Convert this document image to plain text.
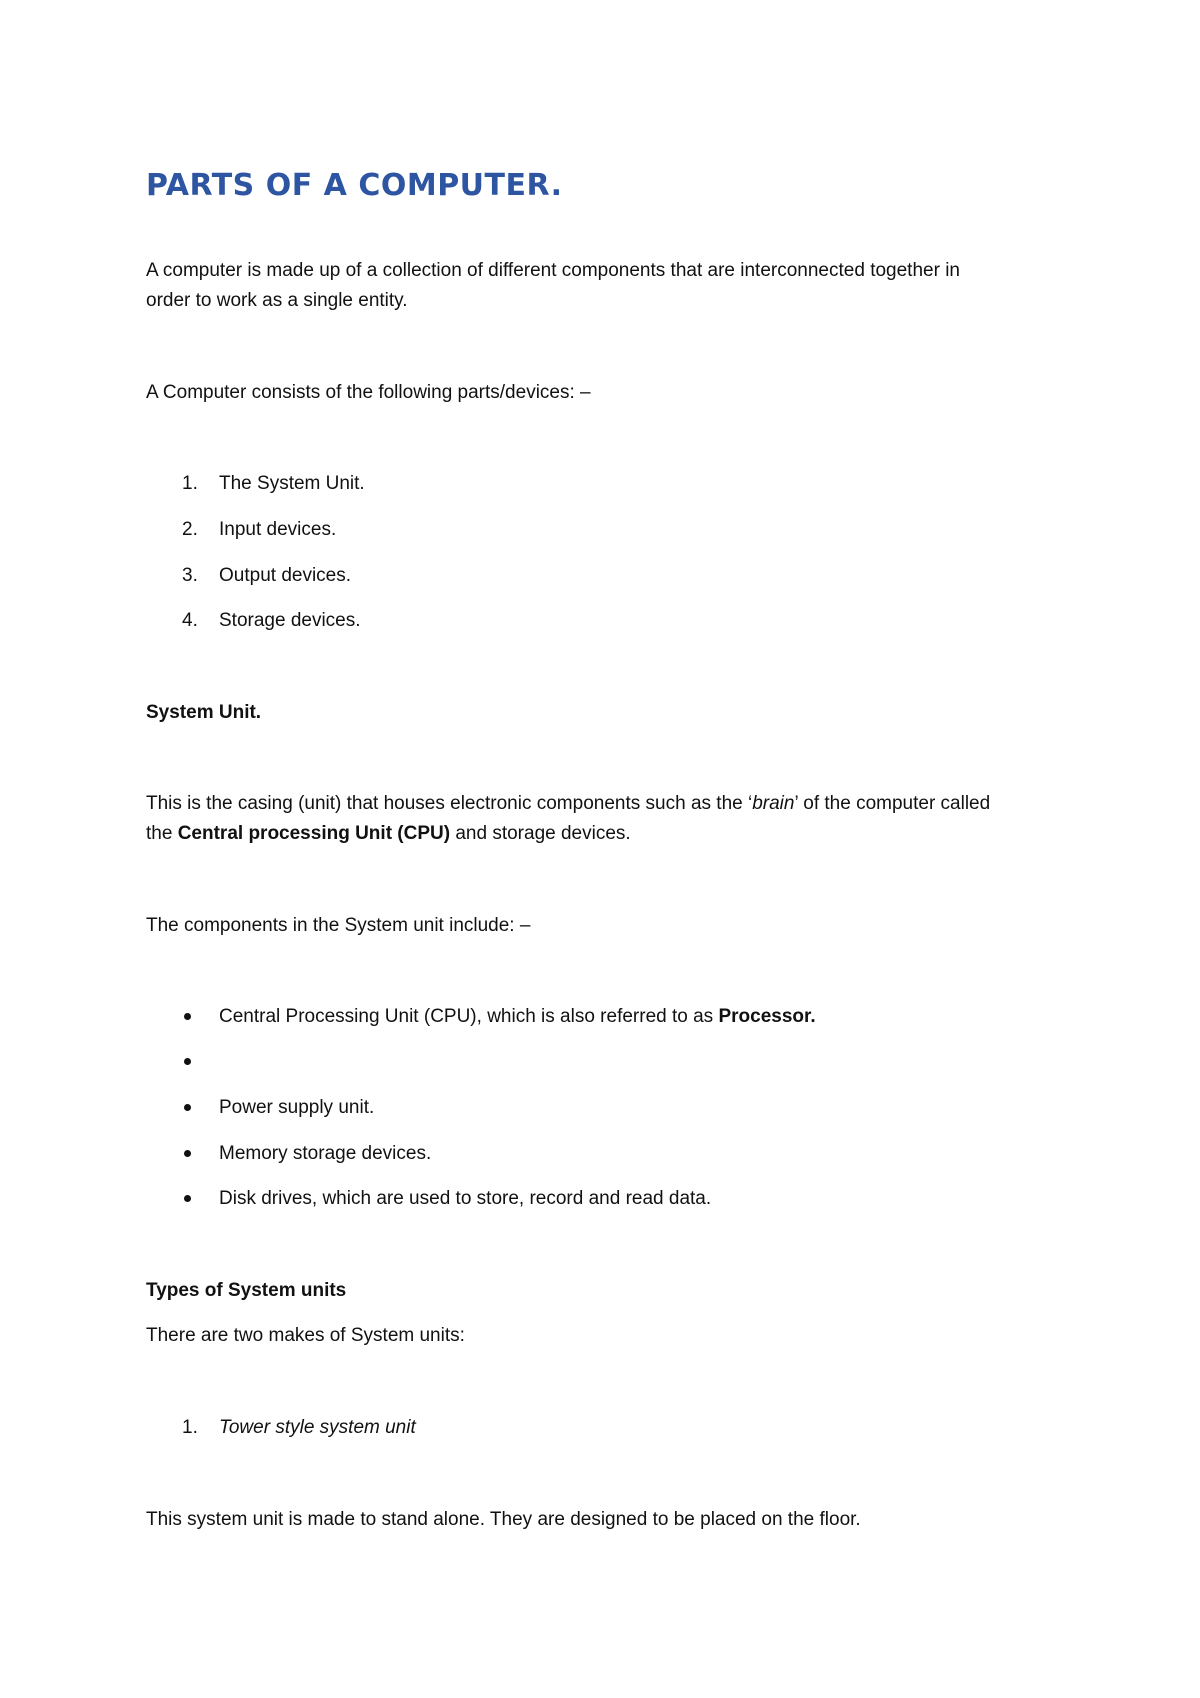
PARTS OF A COMPUTER.

A computer is made up of a collection of different components that are interconnected together in

order to work as a single entity.

A Computer consists of the following parts/devices: –

1. The System Unit.
2. Input devices.
3. Output devices.
4. Storage devices.

System Unit.

This is the casing (unit) that houses electronic components such as the ‘brain’ of the computer called

the Central processing Unit (CPU) and storage devices.

The components in the System unit include: –

Central Processing Unit (CPU), which is also referred to as Processor.
Power supply unit.
Memory storage devices.
Disk drives, which are used to store, record and read data.

Types of System units

There are two makes of System units:

1. Tower style system unit

This system unit is made to stand alone. They are designed to be placed on the floor.
